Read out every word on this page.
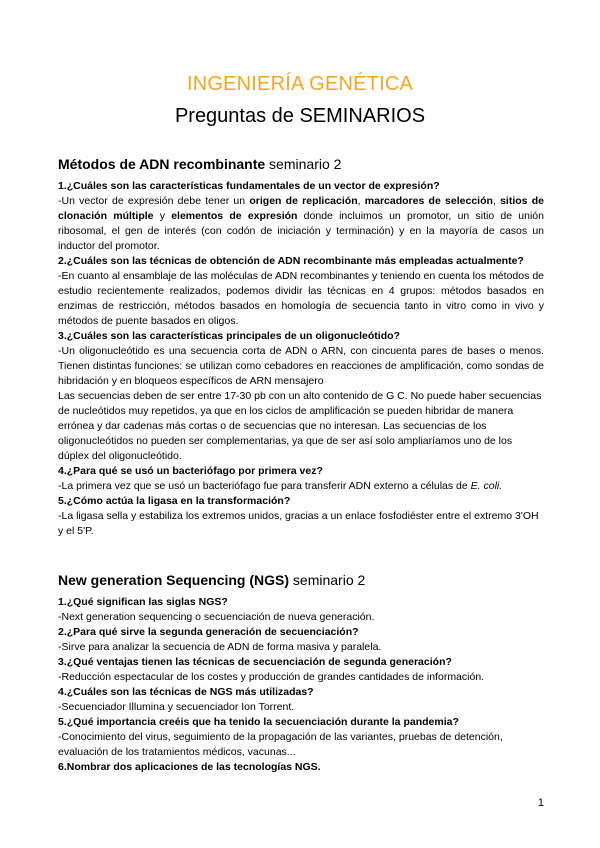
INGENIERÍA GENÉTICA
Preguntas de SEMINARIOS
Métodos de ADN recombinante seminario 2

1.¿Cuáles son las características fundamentales de un vector de expresión?

-Un vector de expresión debe tener un origen de replicación, marcadores de selección, sitios de clonación múltiple y elementos de expresión donde incluimos un promotor, un sitio de unión ribosomal, el gen de interés (con codón de iniciación y terminación) y en la mayoría de casos un inductor del promotor.

2.¿Cuáles son las técnicas de obtención de ADN recombinante más empleadas actualmente?

-En cuanto al ensamblaje de las moléculas de ADN recombinantes y teniendo en cuenta los métodos de estudio recientemente realizados, podemos dividir las técnicas en 4 grupos: métodos basados en enzimas de restricción, métodos basados en homología de secuencia tanto in vitro como in vivo y métodos de puente basados en oligos.

3.¿Cuáles son las características principales de un oligonucleótido?

-Un oligonucleótido es una secuencia corta de ADN o ARN, con cincuenta pares de bases o menos. Tienen distintas funciones: se utilizan como cebadores en reacciones de amplificación, como sondas de hibridación y en bloqueos específicos de ARN mensajero

Las secuencias deben de ser entre 17-30 pb con un alto contenido de G C. No puede haber secuencias de nucleótidos muy repetidos, ya que en los ciclos de amplificación se pueden hibridar de manera errónea y dar cadenas más cortas o de secuencias que no interesan. Las secuencias de los oligonucleótidos no pueden ser complementarias, ya que de ser así solo ampliaríamos uno de los dúplex del oligonucleótido.

4.¿Para qué se usó un bacteriófago por primera vez?

-La primera vez que se usó un bacteriófago fue para transferir ADN externo a células de E. coli.

5.¿Cómo actúa la ligasa en la transformación?

-La ligasa sella y estabiliza los extremos unidos, gracias a un enlace fosfodiéster entre el extremo 3'OH y el 5'P.

New generation Sequencing (NGS) seminario 2

1.¿Qué significan las siglas NGS?

-Next generation sequencing o secuenciación de nueva generación.

2.¿Para qué sirve la segunda generación de secuenciación?

-Sirve para analizar la secuencia de ADN de forma masiva y paralela.

3.¿Qué ventajas tienen las técnicas de secuenciación de segunda generación?

-Reducción espectacular de los costes y producción de grandes cantidades de información.

4.¿Cuáles son las técnicas de NGS más utilizadas?

-Secuenciador Illumina y secuenciador Ion Torrent.

5.¿Qué importancia creéis que ha tenido la secuenciación durante la pandemia?

-Conocimiento del virus, seguimiento de la propagación de las variantes, pruebas de detención, evaluación de los tratamientos médicos, vacunas...

6.Nombrar dos aplicaciones de las tecnologías NGS.

1
